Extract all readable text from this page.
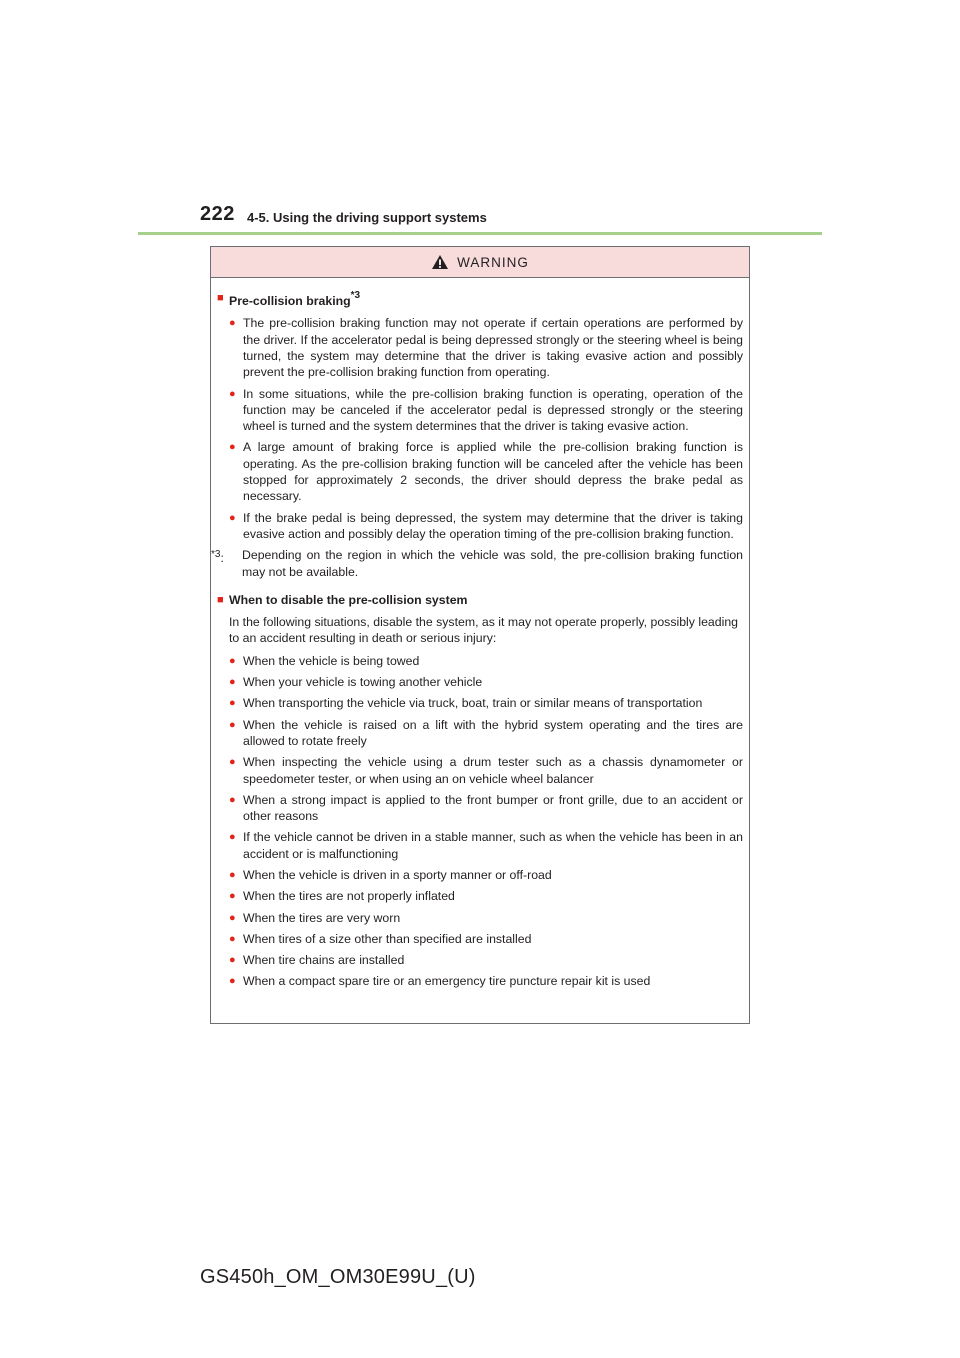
222 4-5. Using the driving support systems
WARNING
■ Pre-collision braking$^{*3}$
● The pre-collision braking function may not operate if certain operations are performed by the driver. If the accelerator pedal is being depressed strongly or the steering wheel is being turned, the system may determine that the driver is taking evasive action and possibly prevent the pre-collision braking function from operating.
● In some situations, while the pre-collision braking function is operating, operation of the function may be canceled if the accelerator pedal is depressed strongly or the steering wheel is turned and the system determines that the driver is taking evasive action.
● A large amount of braking force is applied while the pre-collision braking function is operating. As the pre-collision braking function will be canceled after the vehicle has been stopped for approximately 2 seconds, the driver should depress the brake pedal as necessary.
● If the brake pedal is being depressed, the system may determine that the driver is taking evasive action and possibly delay the operation timing of the pre-collision braking function.
$^{*3}$:	Depending on the region in which the vehicle was sold, the pre-collision braking function may not be available.
■ When to disable the pre-collision system
In the following situations, disable the system, as it may not operate properly, possibly leading to an accident resulting in death or serious injury:
● When the vehicle is being towed
● When your vehicle is towing another vehicle
● When transporting the vehicle via truck, boat, train or similar means of transportation
● When the vehicle is raised on a lift with the hybrid system operating and the tires are allowed to rotate freely
● When inspecting the vehicle using a drum tester such as a chassis dynamometer or speedometer tester, or when using an on vehicle wheel balancer
● When a strong impact is applied to the front bumper or front grille, due to an accident or other reasons
● If the vehicle cannot be driven in a stable manner, such as when the vehicle has been in an accident or is malfunctioning
● When the vehicle is driven in a sporty manner or off-road
● When the tires are not properly inflated
● When the tires are very worn
● When tires of a size other than specified are installed
● When tire chains are installed
● When a compact spare tire or an emergency tire puncture repair kit is used
GS450h_OM_OM30E99U_(U)
